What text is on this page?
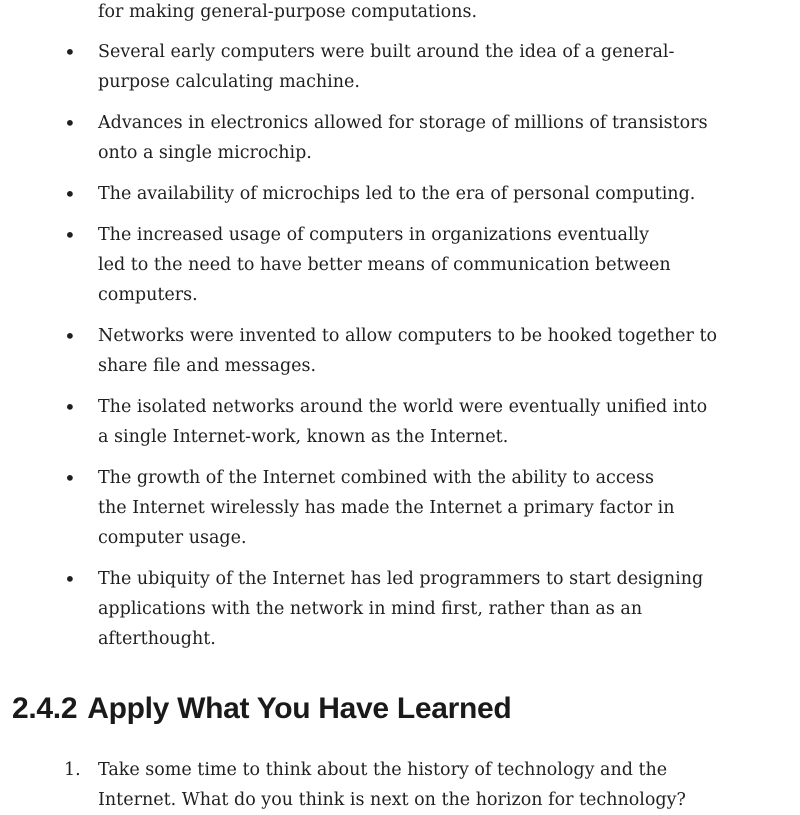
for making general-purpose computations.
• Several early computers were built around the idea of a general-
purpose calculating machine.
• Advances in electronics allowed for storage of millions of transistors
onto a single microchip.
• The availability of microchips led to the era of personal computing.
• The increased usage of computers in organizations eventually
led to the need to have better means of communication between
computers.
• Networks were invented to allow computers to be hooked together to
share file and messages.
• The isolated networks around the world were eventually unified into
a single Internet-work, known as the Internet.
• The growth of the Internet combined with the ability to access
the Internet wirelessly has made the Internet a primary factor in
computer usage.
• The ubiquity of the Internet has led programmers to start designing
applications with the network in mind first, rather than as an
afterthought.
2.4.2 Apply What You Have Learned
1. Take some time to think about the history of technology and the
Internet. What do you think is next on the horizon for technology?
